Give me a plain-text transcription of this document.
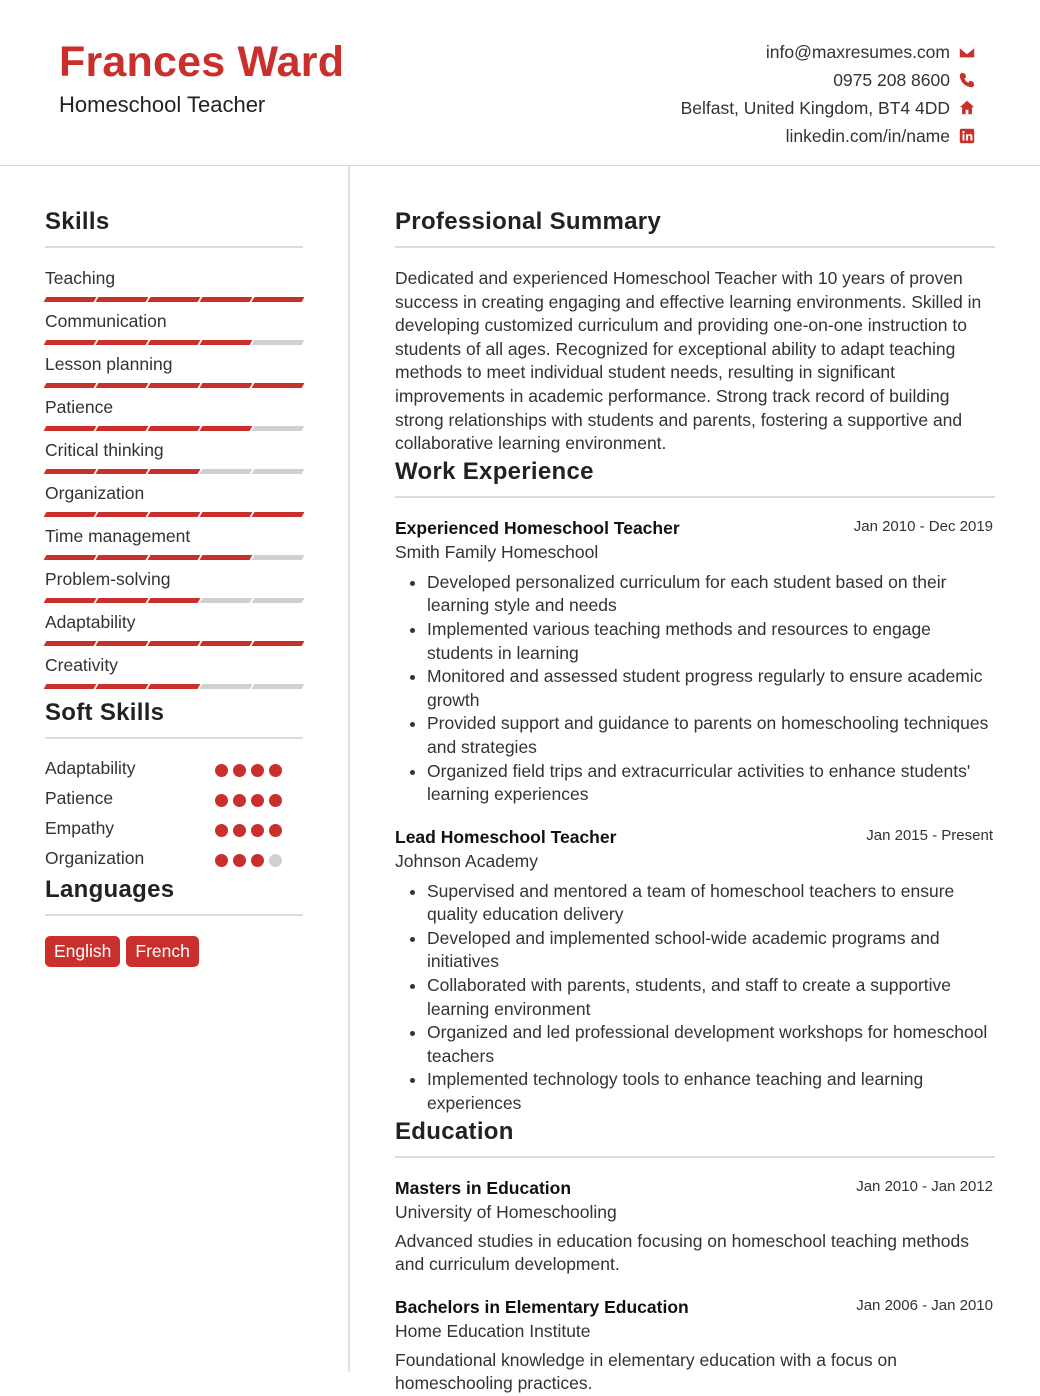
Frances Ward
Homeschool Teacher
info@maxresumes.com
0975 208 8600
Belfast, United Kingdom, BT4 4DD
linkedin.com/in/name
Skills
Teaching
Communication
Lesson planning
Patience
Critical thinking
Organization
Time management
Problem-solving
Adaptability
Creativity
Soft Skills
Adaptability
Patience
Empathy
Organization
Languages
English	French
Professional Summary
Dedicated and experienced Homeschool Teacher with 10 years of proven success in creating engaging and effective learning environments. Skilled in developing customized curriculum and providing one-on-one instruction to students of all ages. Recognized for exceptional ability to adapt teaching methods to meet individual student needs, resulting in significant improvements in academic performance. Strong track record of building strong relationships with students and parents, fostering a supportive and collaborative learning environment.
Work Experience
Experienced Homeschool Teacher	Jan 2010 - Dec 2019
Smith Family Homeschool
• Developed personalized curriculum for each student based on their learning style and needs
• Implemented various teaching methods and resources to engage students in learning
• Monitored and assessed student progress regularly to ensure academic growth
• Provided support and guidance to parents on homeschooling techniques and strategies
• Organized field trips and extracurricular activities to enhance students' learning experiences
Lead Homeschool Teacher	Jan 2015 - Present
Johnson Academy
• Supervised and mentored a team of homeschool teachers to ensure quality education delivery
• Developed and implemented school-wide academic programs and initiatives
• Collaborated with parents, students, and staff to create a supportive learning environment
• Organized and led professional development workshops for homeschool teachers
• Implemented technology tools to enhance teaching and learning experiences
Education
Masters in Education	Jan 2010 - Jan 2012
University of Homeschooling
Advanced studies in education focusing on homeschool teaching methods and curriculum development.
Bachelors in Elementary Education	Jan 2006 - Jan 2010
Home Education Institute
Foundational knowledge in elementary education with a focus on homeschooling practices.
